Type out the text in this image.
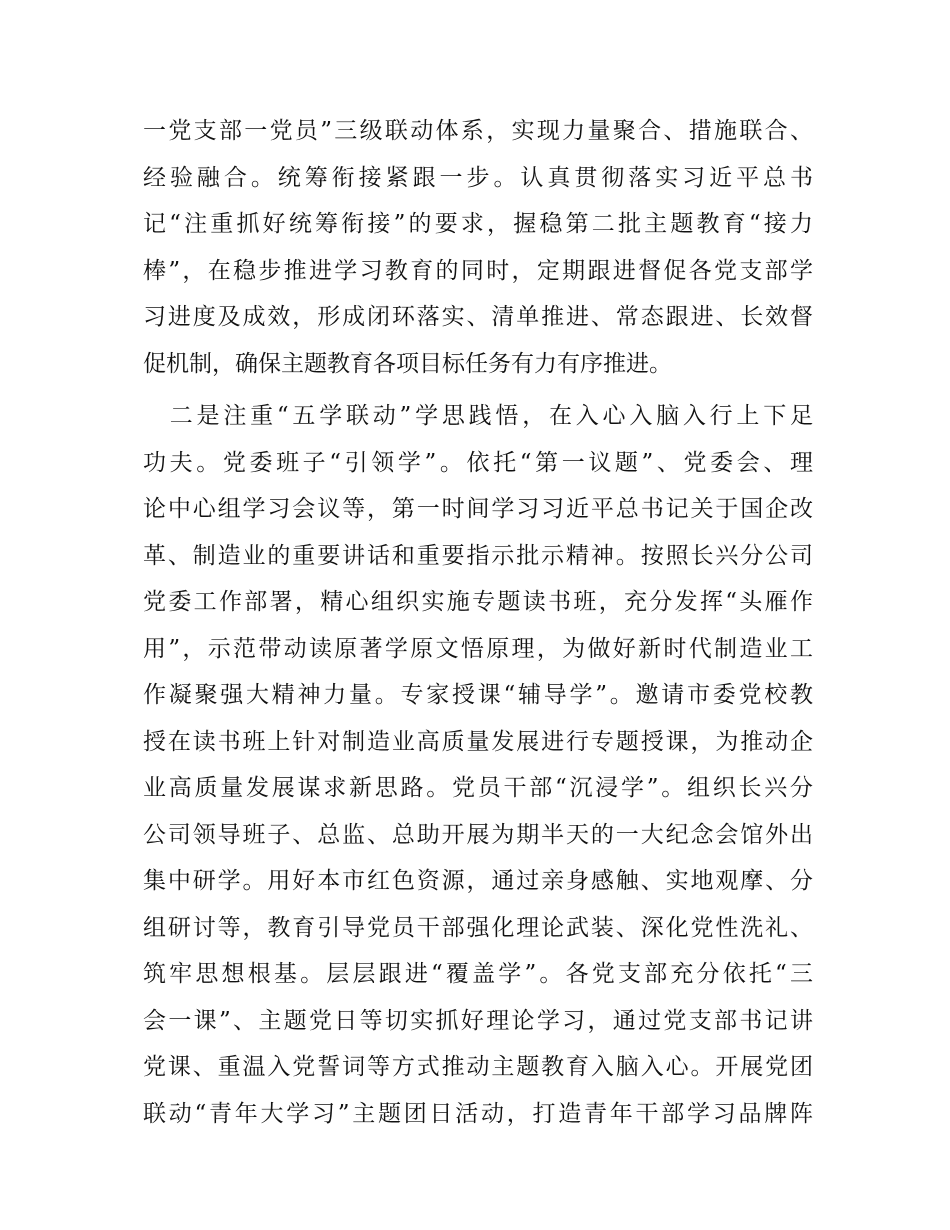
一党支部一党员”三级联动体系，实现力量聚合、措施联合、
经验融合。统筹衔接紧跟一步。认真贯彻落实习近平总书
记“注重抓好统筹衔接”的要求，握稳第二批主题教育“接力
棒”，在稳步推进学习教育的同时，定期跟进督促各党支部学
习进度及成效，形成闭环落实、清单推进、常态跟进、长效督
促机制，确保主题教育各项目标任务有力有序推进。
　二是注重“五学联动”学思践悟，在入心入脑入行上下足
功夫。党委班子“引领学”。依托“第一议题”、党委会、理
论中心组学习会议等，第一时间学习习近平总书记关于国企改
革、制造业的重要讲话和重要指示批示精神。按照长兴分公司
党委工作部署，精心组织实施专题读书班，充分发挥“头雁作
用”，示范带动读原著学原文悟原理，为做好新时代制造业工
作凝聚强大精神力量。专家授课“辅导学”。邀请市委党校教
授在读书班上针对制造业高质量发展进行专题授课，为推动企
业高质量发展谋求新思路。党员干部“沉浸学”。组织长兴分
公司领导班子、总监、总助开展为期半天的一大纪念会馆外出
集中研学。用好本市红色资源，通过亲身感触、实地观摩、分
组研讨等，教育引导党员干部强化理论武装、深化党性洗礼、
筑牢思想根基。层层跟进“覆盖学”。各党支部充分依托“三
会一课”、主题党日等切实抓好理论学习，通过党支部书记讲
党课、重温入党誓词等方式推动主题教育入脑入心。开展党团
联动“青年大学习”主题团日活动，打造青年干部学习品牌阵
